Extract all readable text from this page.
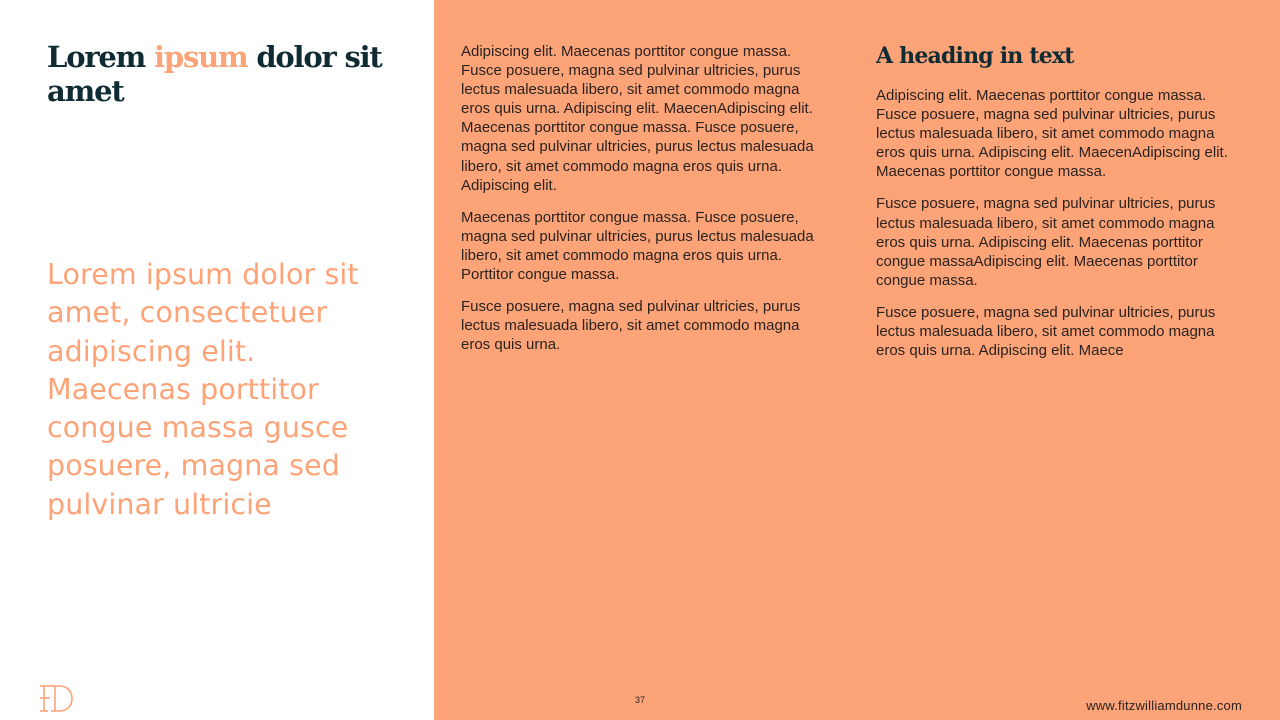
Lorem ipsum dolor sit amet

Lorem ipsum dolor sit amet, consectetuer adipiscing elit. Maecenas porttitor congue massa gusce posuere, magna sed pulvinar ultricie

Adipiscing elit. Maecenas porttitor congue massa. Fusce posuere, magna sed pulvinar ultricies, purus lectus malesuada libero, sit amet commodo magna eros quis urna. Adipiscing elit. MaecenAdipiscing elit. Maecenas porttitor congue massa. Fusce posuere, magna sed pulvinar ultricies, purus lectus malesuada libero, sit amet commodo magna eros quis urna. Adipiscing elit.

Maecenas porttitor congue massa. Fusce posuere, magna sed pulvinar ultricies, purus lectus malesuada libero, sit amet commodo magna eros quis urna. Porttitor congue massa.

Fusce posuere, magna sed pulvinar ultricies, purus lectus malesuada libero, sit amet commodo magna eros quis urna.

A heading in text

Adipiscing elit. Maecenas porttitor congue massa. Fusce posuere, magna sed pulvinar ultricies, purus lectus malesuada libero, sit amet commodo magna eros quis urna. Adipiscing elit. MaecenAdipiscing elit. Maecenas porttitor congue massa.

Fusce posuere, magna sed pulvinar ultricies, purus lectus malesuada libero, sit amet commodo magna eros quis urna. Adipiscing elit. Maecenas porttitor congue massaAdipiscing elit. Maecenas porttitor congue massa.

Fusce posuere, magna sed pulvinar ultricies, purus lectus malesuada libero, sit amet commodo magna eros quis urna. Adipiscing elit. Maece

37	www.fitzwilliamdunne.com
